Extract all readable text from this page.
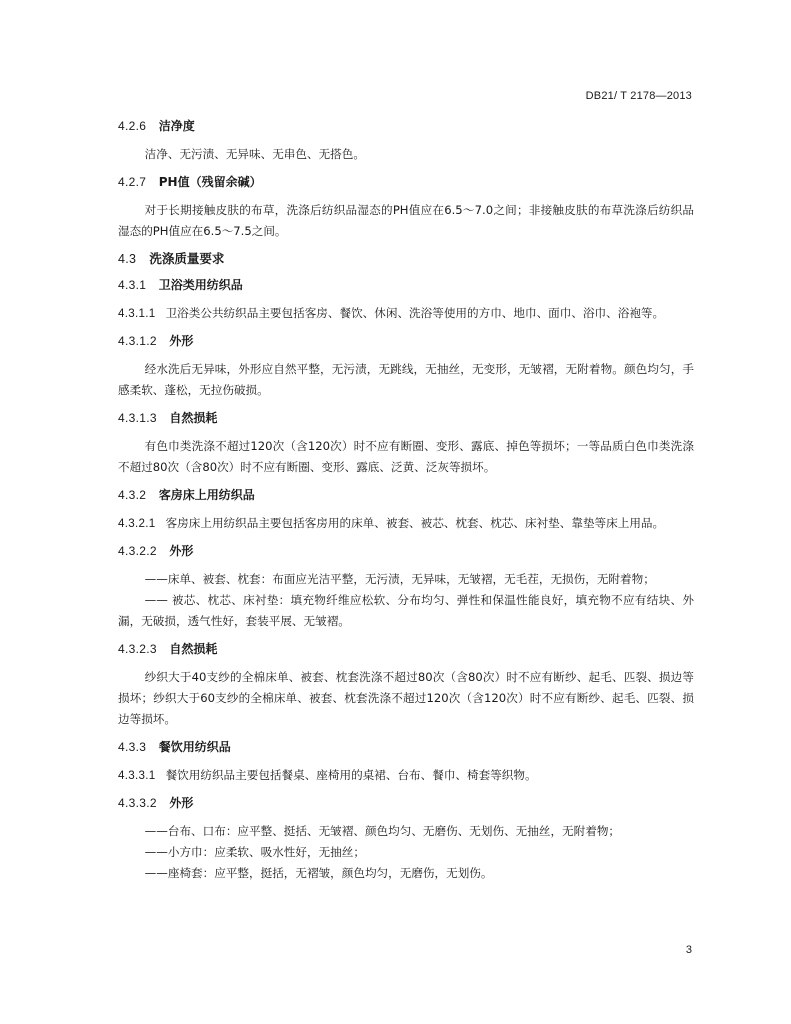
DB21/ T 2178—2013
4.2.6 洁净度
洁净、无污渍、无异味、无串色、无搭色。
4.2.7 PH值（残留余碱）
对于长期接触皮肤的布草，洗涤后纺织品湿态的PH值应在6.5～7.0之间；非接触皮肤的布草洗涤后纺织品湿态的PH值应在6.5～7.5之间。
4.3 洗涤质量要求
4.3.1 卫浴类用纺织品
4.3.1.1 卫浴类公共纺织品主要包括客房、餐饮、休闲、洗浴等使用的方巾、地巾、面巾、浴巾、浴袍等。
4.3.1.2 外形
经水洗后无异味，外形应自然平整，无污渍，无跳线，无抽丝，无变形，无皱褶，无附着物。颜色均匀，手感柔软、蓬松，无拉伤破损。
4.3.1.3 自然损耗
有色巾类洗涤不超过120次（含120次）时不应有断圈、变形、露底、掉色等损坏；一等品质白色巾类洗涤不超过80次（含80次）时不应有断圈、变形、露底、泛黄、泛灰等损坏。
4.3.2 客房床上用纺织品
4.3.2.1 客房床上用纺织品主要包括客房用的床单、被套、被芯、枕套、枕芯、床衬垫、靠垫等床上用品。
4.3.2.2 外形
——床单、被套、枕套：布面应光洁平整，无污渍，无异味，无皱褶，无毛茬，无损伤，无附着物；
—— 被芯、枕芯、床衬垫：填充物纤维应松软、分布均匀、弹性和保温性能良好，填充物不应有结块、外漏，无破损，透气性好，套装平展、无皱褶。
4.3.2.3 自然损耗
纱织大于40支纱的全棉床单、被套、枕套洗涤不超过80次（含80次）时不应有断纱、起毛、匹裂、损边等损坏；纱织大于60支纱的全棉床单、被套、枕套洗涤不超过120次（含120次）时不应有断纱、起毛、匹裂、损边等损坏。
4.3.3 餐饮用纺织品
4.3.3.1 餐饮用纺织品主要包括餐桌、座椅用的桌裙、台布、餐巾、椅套等织物。
4.3.3.2 外形
——台布、口布：应平整、挺括、无皱褶、颜色均匀、无磨伤、无划伤、无抽丝，无附着物；
——小方巾：应柔软、吸水性好，无抽丝；
——座椅套：应平整，挺括，无褶皱，颜色均匀，无磨伤，无划伤。
3
